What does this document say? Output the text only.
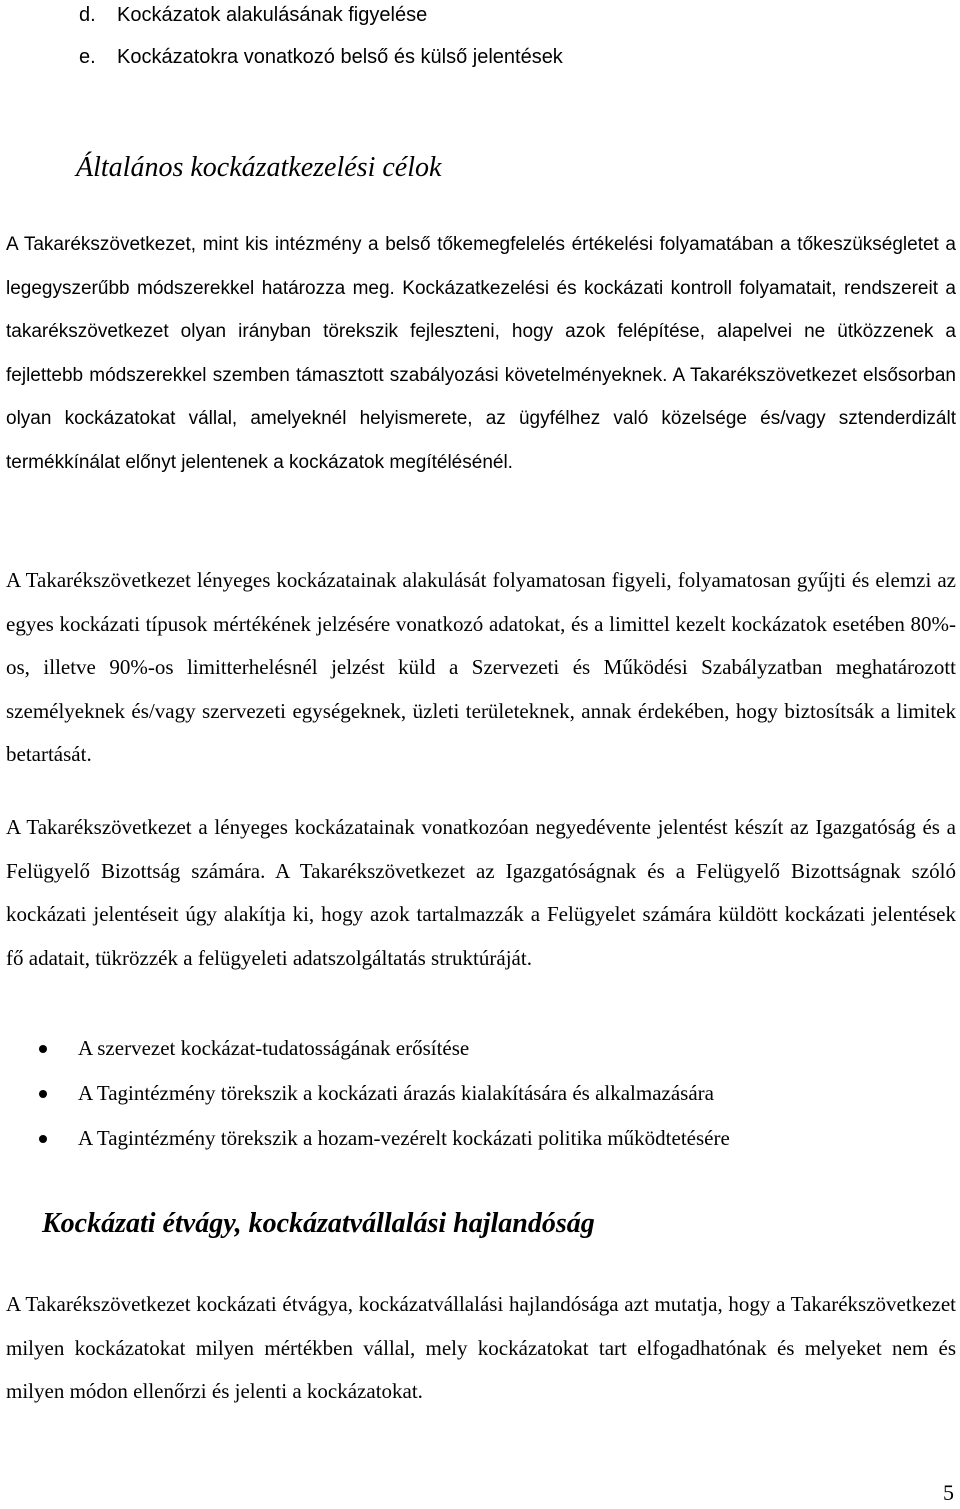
d.	Kockázatok alakulásának figyelése
e.	Kockázatokra vonatkozó belső és külső jelentések
Általános kockázatkezelési célok

A Takarékszövetkezet, mint kis intézmény a belső tőkemegfelelés értékelési folyamatában a tőkeszükségletet a legegyszerűbb módszerekkel határozza meg. Kockázatkezelési és kockázati kontroll folyamatait, rendszereit a takarékszövetkezet olyan irányban törekszik fejleszteni, hogy azok felépítése, alapelvei ne ütközzenek a fejlettebb módszerekkel szemben támasztott szabályozási követelményeknek. A Takarékszövetkezet elsősorban olyan kockázatokat vállal, amelyeknél helyismerete, az ügyfélhez való közelsége és/vagy sztenderdizált termékkínálat előnyt jelentenek a kockázatok megítélésénél.

A Takarékszövetkezet lényeges kockázatainak alakulását folyamatosan figyeli, folyamatosan gyűjti és elemzi az egyes kockázati típusok mértékének jelzésére vonatkozó adatokat, és a limittel kezelt kockázatok esetében 80%-os, illetve 90%-os limitterhelésnél jelzést küld a Szervezeti és Működési Szabályzatban meghatározott személyeknek és/vagy szervezeti egységeknek, üzleti területeknek, annak érdekében, hogy biztosítsák a limitek betartását.

A Takarékszövetkezet a lényeges kockázatainak vonatkozóan negyedévente jelentést készít az Igazgatóság és a Felügyelő Bizottság számára. A Takarékszövetkezet az Igazgatóságnak és a Felügyelő Bizottságnak szóló kockázati jelentéseit úgy alakítja ki, hogy azok tartalmazzák a Felügyelet számára küldött kockázati jelentések fő adatait, tükrözzék a felügyeleti adatszolgáltatás struktúráját.

A szervezet kockázat-tudatosságának erősítése
A Tagintézmény törekszik a kockázati árazás kialakítására és alkalmazására
A Tagintézmény törekszik a hozam-vezérelt kockázati politika működtetésére
Kockázati étvágy, kockázatvállalási hajlandóság

A Takarékszövetkezet kockázati étvágya, kockázatvállalási hajlandósága azt mutatja, hogy a Takarékszövetkezet milyen kockázatokat milyen mértékben vállal, mely kockázatokat tart elfogadhatónak és melyeket nem és milyen módon ellenőrzi és jelenti a kockázatokat.

5
